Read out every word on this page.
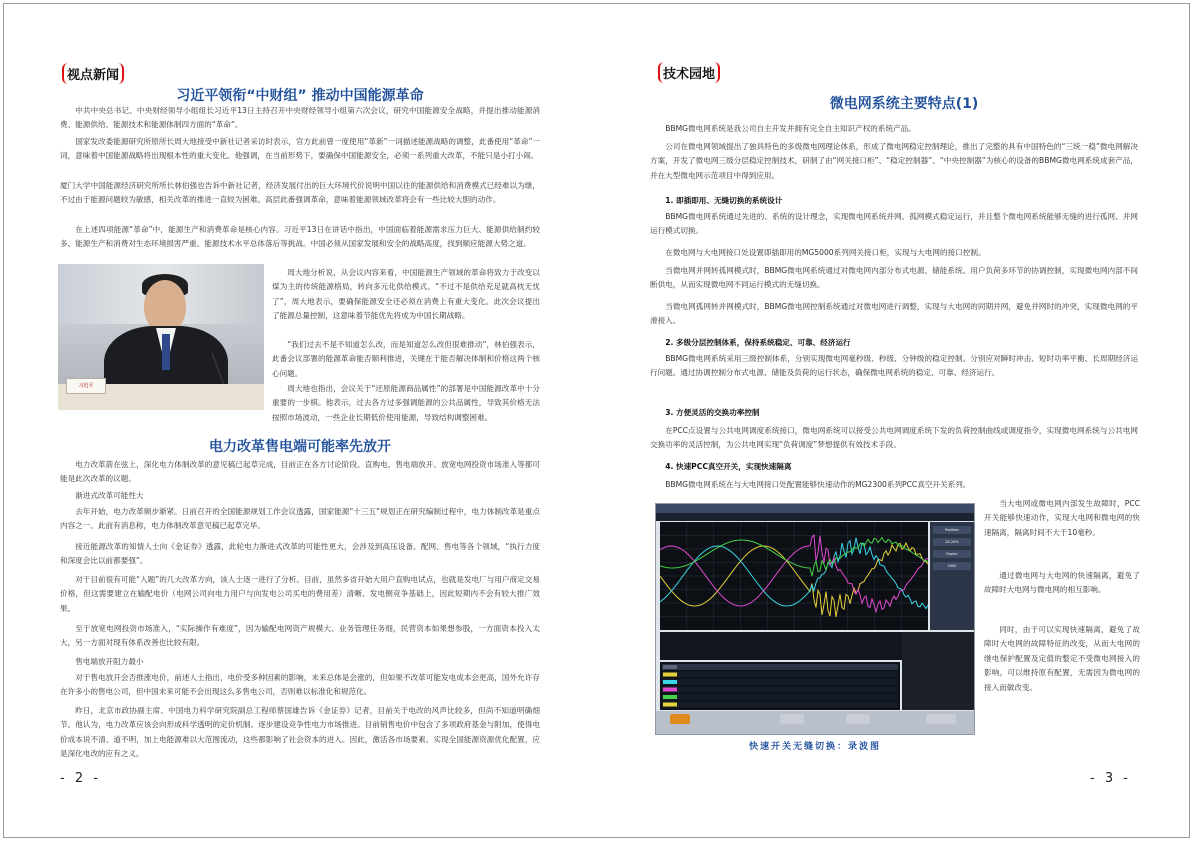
视点新闻
习近平领衔“中财组” 推动中国能源革命
中共中央总书记、中央财经领导小组组长习近平13日主持召开中央财经领导小组第六次会议，研究中国能源安全战略，并提出推动能源消费、能源供给、能源技术和能源体制四方面的“革命”。
国家发改委能源研究所原所长周大地接受中新社记者采访时表示，官方此前曾一度使用“革新”一词描述能源战略的调整，此番使用“革命”一词，意味着中国能源战略将出现根本性的重大变化。他强调，在当前形势下，要确保中国能源安全，必须一系列重大改革，不能只是小打小闹。
厦门大学中国能源经济研究所所长林伯强也告诉中新社记者，经济发展付出的巨大环境代价说明中国以往的能源供给和消费模式已经难以为继，不过由于能源问题较为敏感，相关改革的推进一直较为困难。高层此番强调革命，意味着能源领域改革将会有一些比较大胆的动作。
在上述四项能源“革命”中，能源生产和消费革命是核心内容。习近平13日在讲话中指出，中国面临着能源需求压力巨大、能源供给制约较多、能源生产和消费对生态环境损害严重、能源技术水平总体落后等挑战。中国必须从国家发展和安全的战略高度，找到顺应能源大势之道。
习近平
周大地分析说，从会议内容来看，中国能源生产领域的革命将致力于改变以煤为主的传统能源格局，转向多元化供给模式。“不过不是供给充足就高枕无忧了”，周大地表示，要确保能源安全还必须在消费上有重大变化。此次会议提出了能源总量控制，这意味着节能优先将成为中国长期战略。
“我们过去不是不知道怎么改，而是知道怎么改但很难推动”，林伯强表示，此番会议部署的能源革命能否顺利推进，关键在于能否解决体制和价格这两个核心问题。
周大地也指出，会议关于“还原能源商品属性”的部署是中国能源改革中十分重要的一步棋。他表示，过去各方过多强调能源的公共品属性，导致其价格无法按照市场波动，一些企业长期低价使用能源，导致结构调整困难。
电力改革售电端可能率先放开
电力改革箭在弦上，深化电力体制改革的意见稿已起草完成，目前正在各方讨论阶段。直购电、售电端放开、放宽电网投资市场准入等都可能是此次改革的议题。
渐进式改革可能性大
去年开始，电力改革频步渐紧。日前召开的全国能源规划工作会议透露，国家能源“十三五”规划正在研究编制过程中，电力体制改革是重点内容之一。此前有消息称，电力体制改革意见稿已起草完毕。
接近能源改革的知情人士向《金证券》透露，此轮电力渐进式改革的可能性更大，会涉及到高压设备、配网、售电等各个领域，“执行力度和深度会比以前都要强”。
对于目前很有可能“入题”的几大改革方向，该人士逐一进行了分析。目前，虽然多省开始大用户直购电试点，也就是发电厂与用户商定交易价格，但这需要建立在输配电价（电网公司向电力用户与向发电公司买电的费用差）清晰、发电侧竞争基础上，因此短期内不会有较大推广效果。
至于放宽电网投资市场准入，“实际操作有难度”，因为输配电网资产规模大、业务管理任务细，民营资本如果想参股，一方面资本投入太大，另一方面对现有体系改善也比较有限。
售电端放开阻力最小
对于售电放开会否推涨电价，前述人士指出，电价受多种因素的影响，未来总体是会涨的，但如果不改革可能发电成本会更高，国外允许存在许多小的售电公司，但中国未来可能不会出现这么多售电公司，否则难以标准化和规范化。
昨日，北京市政协副主席、中国电力科学研究院副总工程师蔡国雄告诉《金证券》记者，目前关于电改的风声比较多，但尚不知道明确细节。他认为，电力改革应该会向形成科学透明的定价机制、逐步建设竞争性电力市场推进。目前销售电价中包含了多项政府基金与附加，使得电价成本说不清、道不明，加上电能源难以大范围流动，这些都影响了社会资本的进入。因此，激活各市场要素、实现全国能源资源优化配置，应是深化电改的应有之义。
- 2 -
技术园地
微电网系统主要特点(1)
BBMG微电网系统是我公司自主开发并拥有完全自主知识产权的系统产品。
公司在微电网领域提出了独具特色的多级微电网理论体系，形成了微电网稳定控制理论，推出了完整的具有中国特色的“三统一稳”微电网解决方案，开发了微电网三级分层稳定控制技术，研制了由“网关接口柜”、“稳定控制器”、“中央控制器”为核心的设备的BBMG微电网系统成套产品，并在大型微电网示范项目中得到应用。
1. 即插即用、无缝切换的系统设计
BBMG微电网系统通过先进的、系统的设计理念，实现微电网系统并网、孤网模式稳定运行，并且整个微电网系统能够无缝的进行孤网、并网运行模式切换。
在微电网与大电网接口处设置即插即用的MG5000系列网关接口柜，实现与大电网的接口控制。
当微电网并网转孤网模式时，BBMG微电网系统通过对微电网内部分布式电源、储能系统、用户负荷多环节的协调控制，实现微电网内部不间断供电，从而实现微电网不同运行模式的无缝切换。
当微电网孤网转并网模式时，BBMG微电网控制系统通过对微电网进行调整，实现与大电网的同期并网，避免并网时的冲突，实现微电网的平滑接入。
2. 多级分层控制体系，保持系统稳定、可靠、经济运行
BBMG微电网系统采用三级控制体系，分别实现微电网毫秒级、秒级、分钟级的稳定控制。分别应对瞬时冲击、短时功率平衡、长周期经济运行问题。通过协调控制分布式电源、储能及负荷的运行状态，确保微电网系统的稳定、可靠、经济运行。
3. 方便灵活的交换功率控制
在PCC点设置与公共电网调度系统接口，微电网系统可以接受公共电网调度系统下发的负荷控制曲线或调度指令，实现微电网系统与公共电网交换功率的灵活控制，为公共电网实现“负荷调度”梦想提供有效技术手段。
4. 快速PCC真空开关，实现快速隔离
BBMG微电网系统在与大电网接口处配置能够快速动作的MG2300系列PCC真空开关系列。
当大电网或微电网内部发生故障时，PCC开关能够快速动作，实现大电网和微电网的快速隔离，隔离时间不大于10毫秒。
通过微电网与大电网的快速隔离，避免了故障时大电网与微电网的相互影响。
同时，由于可以实现快速隔离，避免了故障时大电网的故障特征的改变，从而大电网的继电保护配置及定值的整定不受微电网接入的影响，可以维持原有配置，无需因为微电网的接入而做改变。
- 3 -
Position
25.20%
Fusion
2000
快速开关无缝切换：录波图
